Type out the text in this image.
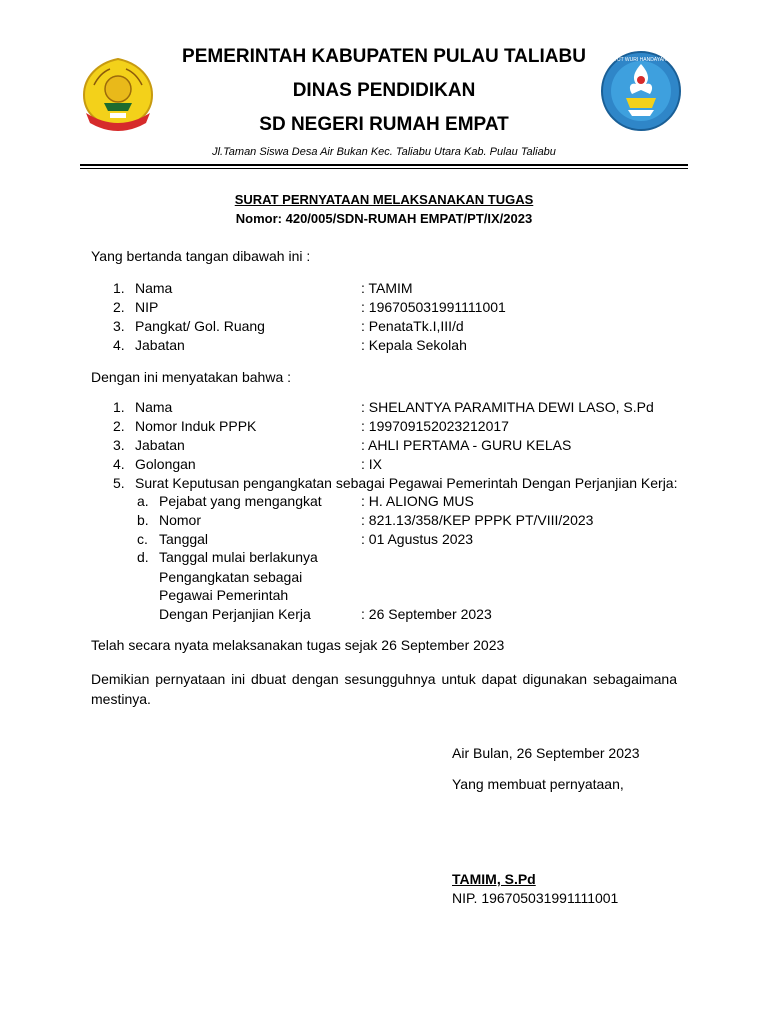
TUT WURI HANDAYANI
PEMERINTAH KABUPATEN PULAU TALIABU
DINAS PENDIDIKAN
SD NEGERI RUMAH EMPAT
Jl.Taman Siswa Desa Air Bukan Kec. Taliabu Utara Kab. Pulau Taliabu
SURAT PERNYATAAN MELAKSANAKAN TUGAS
Nomor: 420/005/SDN-RUMAH EMPAT/PT/IX/2023
Yang bertanda tangan dibawah ini :
1. Nama	: TAMIM
2. NIP	: 196705031991111001
3. Pangkat/ Gol. Ruang	: PenataTk.I,III/d
4. Jabatan	: Kepala Sekolah
Dengan ini menyatakan bahwa :
1. Nama	: SHELANTYA PARAMITHA DEWI LASO, S.Pd
2. Nomor Induk PPPK	: 199709152023212017
3. Jabatan	: AHLI PERTAMA - GURU KELAS
4. Golongan	: IX
5. Surat Keputusan pengangkatan sebagai Pegawai Pemerintah Dengan Perjanjian Kerja:
a. Pejabat yang mengangkat	: H. ALIONG MUS
b. Nomor	: 821.13/358/KEP PPPK PT/VIII/2023
c. Tanggal	: 01 Agustus 2023
d. Tanggal mulai berlakunya
Pengangkatan sebagai
Pegawai Pemerintah
Dengan Perjanjian Kerja	: 26 September 2023
Telah secara nyata melaksanakan tugas sejak 26 September 2023
Demikian pernyataan ini dbuat dengan sesungguhnya untuk dapat digunakan sebagaimana mestinya.
Air Bulan, 26 September 2023
Yang membuat pernyataan,
TAMIM, S.Pd
NIP. 196705031991111001
